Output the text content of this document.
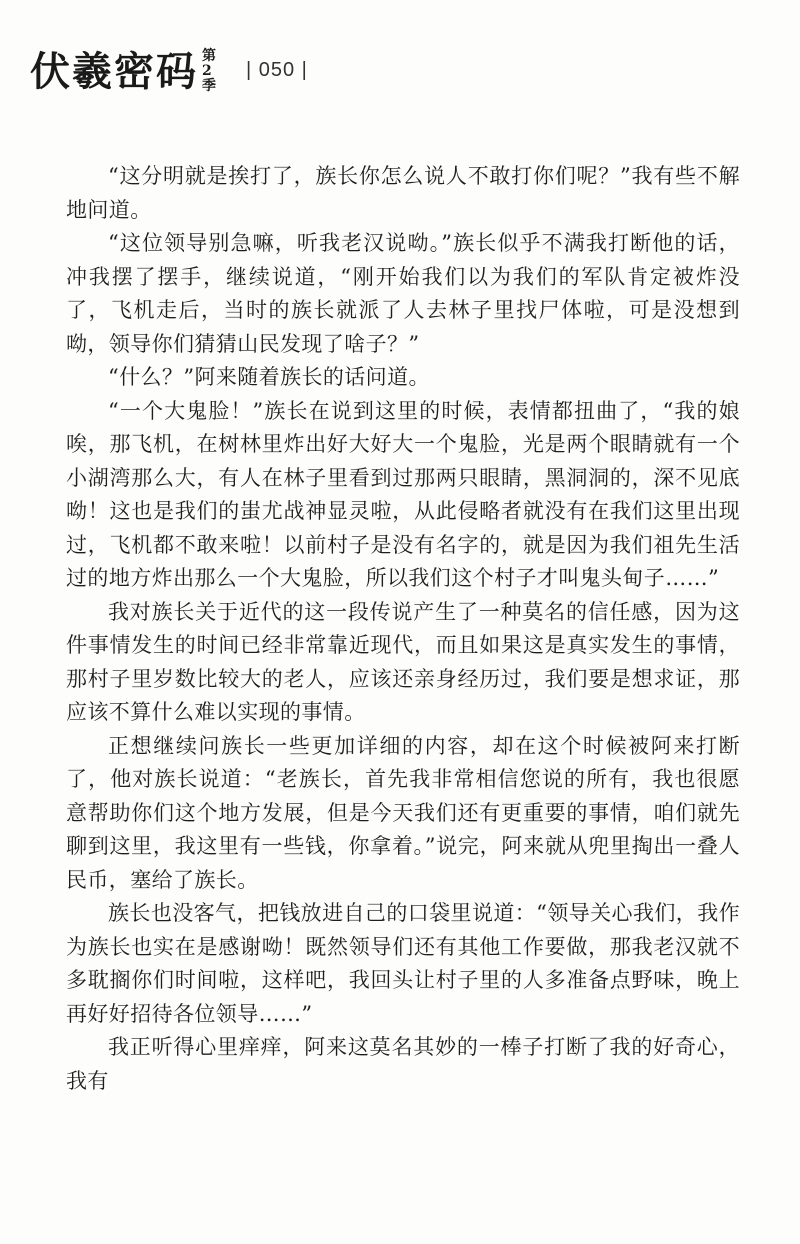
伏羲密码 第
2
季
| 050 |

“这分明就是挨打了，族长你怎么说人不敢打你们呢？”我有些不解地问道。

“这位领导别急嘛，听我老汉说呦。”族长似乎不满我打断他的话，冲我摆了摆手，继续说道，“刚开始我们以为我们的军队肯定被炸没了，飞机走后，当时的族长就派了人去林子里找尸体啦，可是没想到呦，领导你们猜猜山民发现了啥子？”

“什么？”阿来随着族长的话问道。

“一个大鬼脸！”族长在说到这里的时候，表情都扭曲了，“我的娘唉，那飞机，在树林里炸出好大好大一个鬼脸，光是两个眼睛就有一个小湖湾那么大，有人在林子里看到过那两只眼睛，黑洞洞的，深不见底呦！这也是我们的蚩尤战神显灵啦，从此侵略者就没有在我们这里出现过，飞机都不敢来啦！以前村子是没有名字的，就是因为我们祖先生活过的地方炸出那么一个大鬼脸，所以我们这个村子才叫鬼头甸子……”

我对族长关于近代的这一段传说产生了一种莫名的信任感，因为这件事情发生的时间已经非常靠近现代，而且如果这是真实发生的事情，那村子里岁数比较大的老人，应该还亲身经历过，我们要是想求证，那应该不算什么难以实现的事情。

正想继续问族长一些更加详细的内容，却在这个时候被阿来打断了，他对族长说道：“老族长，首先我非常相信您说的所有，我也很愿意帮助你们这个地方发展，但是今天我们还有更重要的事情，咱们就先聊到这里，我这里有一些钱，你拿着。”说完，阿来就从兜里掏出一叠人民币，塞给了族长。

族长也没客气，把钱放进自己的口袋里说道：“领导关心我们，我作为族长也实在是感谢呦！既然领导们还有其他工作要做，那我老汉就不多耽搁你们时间啦，这样吧，我回头让村子里的人多准备点野味，晚上再好好招待各位领导……”

我正听得心里痒痒，阿来这莫名其妙的一棒子打断了我的好奇心，我有
